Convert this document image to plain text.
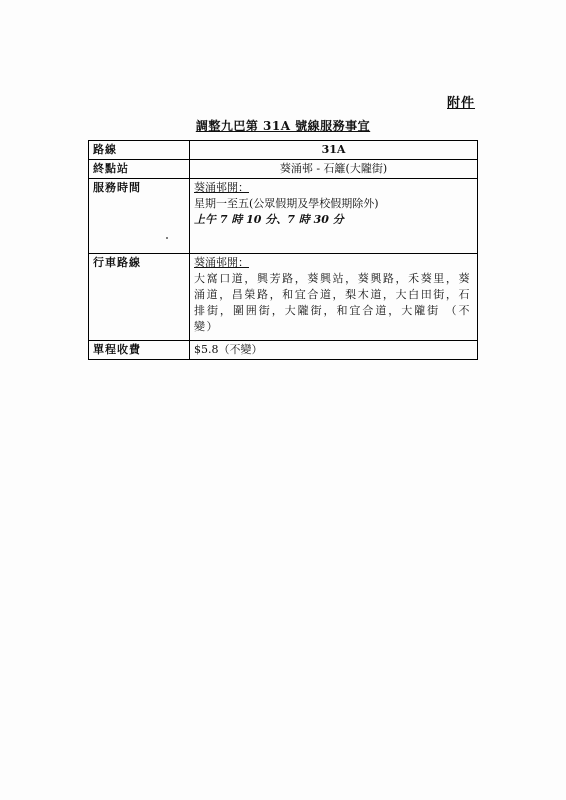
附件
調整九巴第 31A 號線服務事宜
路線	31A
終點站	葵涌邨 - 石籬(大隴街)
服務時間	葵涌邨開：
星期一至五(公眾假期及學校假期除外)
上午 7 時 10 分、7 時 30 分

行車路線	葵涌邨開：
大窩口道，興芳路，葵興站，葵興路，禾葵里，葵涌道，昌榮路，和宜合道，梨木道，大白田街，石排街，圍囲街，大隴街，和宜合道，大隴街 （不變）

單程收費	$5.8（不變）
